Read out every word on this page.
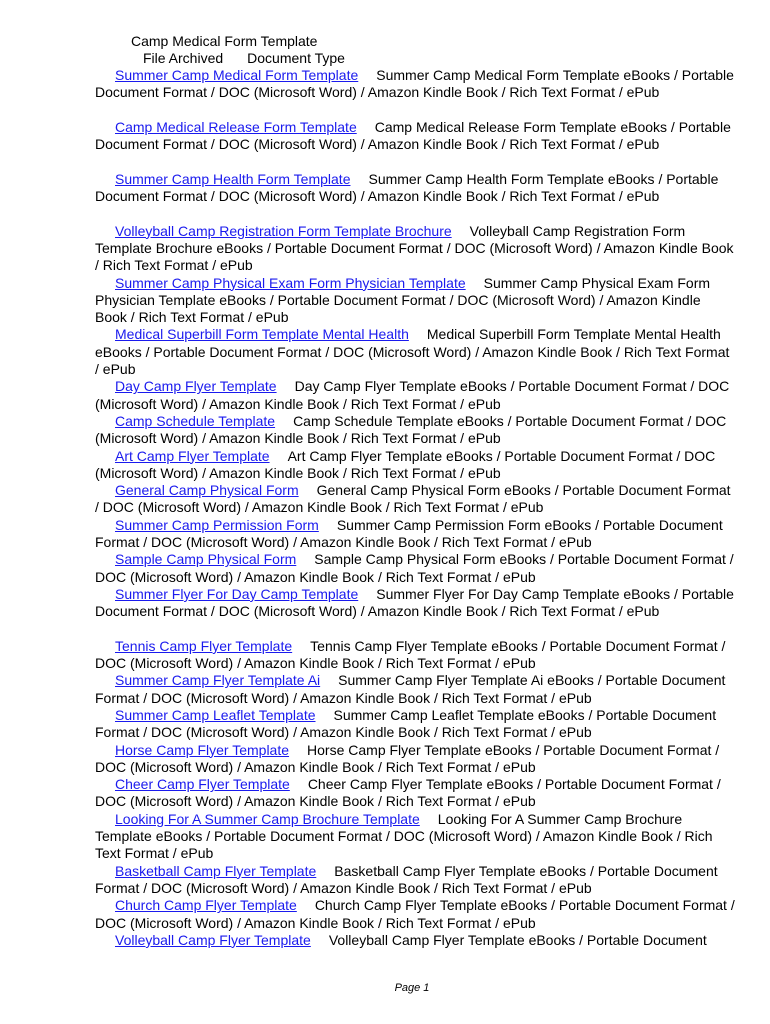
Camp Medical Form Template
File Archived Document Type
Summer Camp Medical Form Template Summer Camp Medical Form Template eBooks / Portable Document Format / DOC (Microsoft Word) / Amazon Kindle Book / Rich Text Format / ePub
Camp Medical Release Form Template Camp Medical Release Form Template eBooks / Portable Document Format / DOC (Microsoft Word) / Amazon Kindle Book / Rich Text Format / ePub
Summer Camp Health Form Template Summer Camp Health Form Template eBooks / Portable Document Format / DOC (Microsoft Word) / Amazon Kindle Book / Rich Text Format / ePub
Volleyball Camp Registration Form Template Brochure Volleyball Camp Registration Form Template Brochure eBooks / Portable Document Format / DOC (Microsoft Word) / Amazon Kindle Book / Rich Text Format / ePub
Summer Camp Physical Exam Form Physician Template Summer Camp Physical Exam Form Physician Template eBooks / Portable Document Format / DOC (Microsoft Word) / Amazon Kindle Book / Rich Text Format / ePub
Medical Superbill Form Template Mental Health Medical Superbill Form Template Mental Health eBooks / Portable Document Format / DOC (Microsoft Word) / Amazon Kindle Book / Rich Text Format / ePub
Day Camp Flyer Template Day Camp Flyer Template eBooks / Portable Document Format / DOC (Microsoft Word) / Amazon Kindle Book / Rich Text Format / ePub
Camp Schedule Template Camp Schedule Template eBooks / Portable Document Format / DOC (Microsoft Word) / Amazon Kindle Book / Rich Text Format / ePub
Art Camp Flyer Template Art Camp Flyer Template eBooks / Portable Document Format / DOC (Microsoft Word) / Amazon Kindle Book / Rich Text Format / ePub
General Camp Physical Form General Camp Physical Form eBooks / Portable Document Format / DOC (Microsoft Word) / Amazon Kindle Book / Rich Text Format / ePub
Summer Camp Permission Form Summer Camp Permission Form eBooks / Portable Document Format / DOC (Microsoft Word) / Amazon Kindle Book / Rich Text Format / ePub
Sample Camp Physical Form Sample Camp Physical Form eBooks / Portable Document Format / DOC (Microsoft Word) / Amazon Kindle Book / Rich Text Format / ePub
Summer Flyer For Day Camp Template Summer Flyer For Day Camp Template eBooks / Portable Document Format / DOC (Microsoft Word) / Amazon Kindle Book / Rich Text Format / ePub
Tennis Camp Flyer Template Tennis Camp Flyer Template eBooks / Portable Document Format / DOC (Microsoft Word) / Amazon Kindle Book / Rich Text Format / ePub
Summer Camp Flyer Template Ai Summer Camp Flyer Template Ai eBooks / Portable Document Format / DOC (Microsoft Word) / Amazon Kindle Book / Rich Text Format / ePub
Summer Camp Leaflet Template Summer Camp Leaflet Template eBooks / Portable Document Format / DOC (Microsoft Word) / Amazon Kindle Book / Rich Text Format / ePub
Horse Camp Flyer Template Horse Camp Flyer Template eBooks / Portable Document Format / DOC (Microsoft Word) / Amazon Kindle Book / Rich Text Format / ePub
Cheer Camp Flyer Template Cheer Camp Flyer Template eBooks / Portable Document Format / DOC (Microsoft Word) / Amazon Kindle Book / Rich Text Format / ePub
Looking For A Summer Camp Brochure Template Looking For A Summer Camp Brochure Template eBooks / Portable Document Format / DOC (Microsoft Word) / Amazon Kindle Book / Rich Text Format / ePub
Basketball Camp Flyer Template Basketball Camp Flyer Template eBooks / Portable Document Format / DOC (Microsoft Word) / Amazon Kindle Book / Rich Text Format / ePub
Church Camp Flyer Template Church Camp Flyer Template eBooks / Portable Document Format / DOC (Microsoft Word) / Amazon Kindle Book / Rich Text Format / ePub
Volleyball Camp Flyer Template Volleyball Camp Flyer Template eBooks / Portable Document
Page 1
